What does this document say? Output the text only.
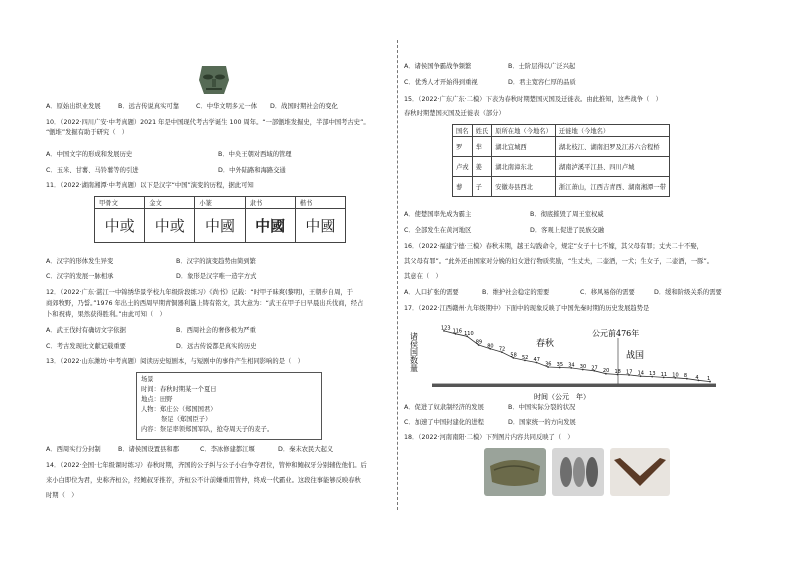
A．原始出织业发展	B．远古传说真实可靠	C．中华文明多元一体 D．战国时期社会的变化
10．（2022·四川广安·中考真题）2021 年是中国现代考古学诞生 100 周年。“一部甑堆发掘史，半部中国考古史”。
“甑堆”发掘有助于研究（　）
A．中国文字的形成和发展历史	B．中央王朝对西域的管理
C．玉米、甘薯、马铃薯等的引进	D．中外陆路和海路交通
11．（2022·湖南湘潭·中考真题）以下是汉字“中国”演变的历程，据此可知
甲骨文	金文	小篆	隶书	楷书
中或	中或	中國	中國	中國
A．汉字的形体发生异变	B．汉字的演变趋势由简到繁
C．汉字的发展一脉相承	D．象形是汉字唯一造字方式
12．（2022·广东·湛江一中锦绣华景学校九年级阶段练习）《尚书》记载：“时甲子昧爽(黎明)，王朝步自周，于
商郊牧野，乃誓。”1976 年出土的西周早期青铜器利簋上铸有铭文，其大意为：“武王在甲子日早晨出兵伐商，经占
卜和祝祷，果然获得胜利。”由此可知（　）
A．武王伐纣有确切文字依据	B．西周社会的奢侈极为严重
C．考古发现比文献记载重要	D．远古传说都是真实的历史
13．（2022·山东潍坊·中考真题）阅读历史短剧本，与短剧中的事件产生相同影响的是（　）
场景
时间：春秋时期某一个夏日
地点：田野
人物：郑庄公（郑国国君）
祭足（郑国臣子）
内容：祭足率领郑国军队，抢夺周天子的麦子。
A．西周实行分封制	B．诸侯国设置县和郡	C．李冰修建都江堰	D．秦末农民大起义
14．（2022·全国·七年级课时练习）春秋时期，齐国的公子纠与公子小白争夺君位，管仲和鲍叔牙分别辅佐他们。后
来小白即位为君，史称齐桓公，经鲍叔牙推荐，齐桓公不计前嫌重用管仲，终成一代霸业。这段往事能够反映春秋
时期（　）
A．诸侯国争霸战争频繁	B．士阶层得以广泛兴起
C．优秀人才开始得到重视	D．君主宽容仁厚的品质
15．（2022·广东广东·二模）下表为春秋时期楚国灭国及迁徙表。由此推知，这些战争（　）
春秋时期楚国灭国及迁徙表（部分）
国名	姓氏	原所在地（今地名）	迁徙地（今地名）
罗	芈	湖北宜城西	湖北枝江、湖南汨罗及江苏六合程桥
卢戎	姜	湖北南漳东北	湖南泸溪平江县、四川卢城
蓼	子	安徽寿县西北	浙江萧山，江西吉青西、湖南湘潭一带
A．使楚国率先成为霸主	B．彻底摧毁了周王室权威
C．全部发生在黄河地区	D．客观上促进了民族交融
16．（2022·福建宁德·三模）春秋末期，越王勾践命令，规定“女子十七不嫁，其父母有罪；丈夫二十不娶，
其父母有罪”。“此外还由国家对分娩的妇女进行物质奖励，“生丈夫，二壶酒，一犬；生女子，二壶酒，一豚”。
其意在（　）
A．人口扩张的需要	B．维护社会稳定的需要	C．移风易俗的需要	D．缓和阶级关系的需要
17．（2022·江西赣州·九年级期中）下面中的现象反映了中国先秦时期的历史发展趋势是
诸侯国数量	春秋
战国
公元前476年
123 116 110
89
80
72
58 52 47
36 35 34 30 27 20 18 17 14 13 11 10 8 4 1
时间（公元　年）
A．促进了奴隶制经济的发展	B．中国实际分裂的状况
C．加速了中国封建化的进程	D．国家统一的方向发展
18．（2022·河南南阳·二模）下列图片内容共同反映了（　）
